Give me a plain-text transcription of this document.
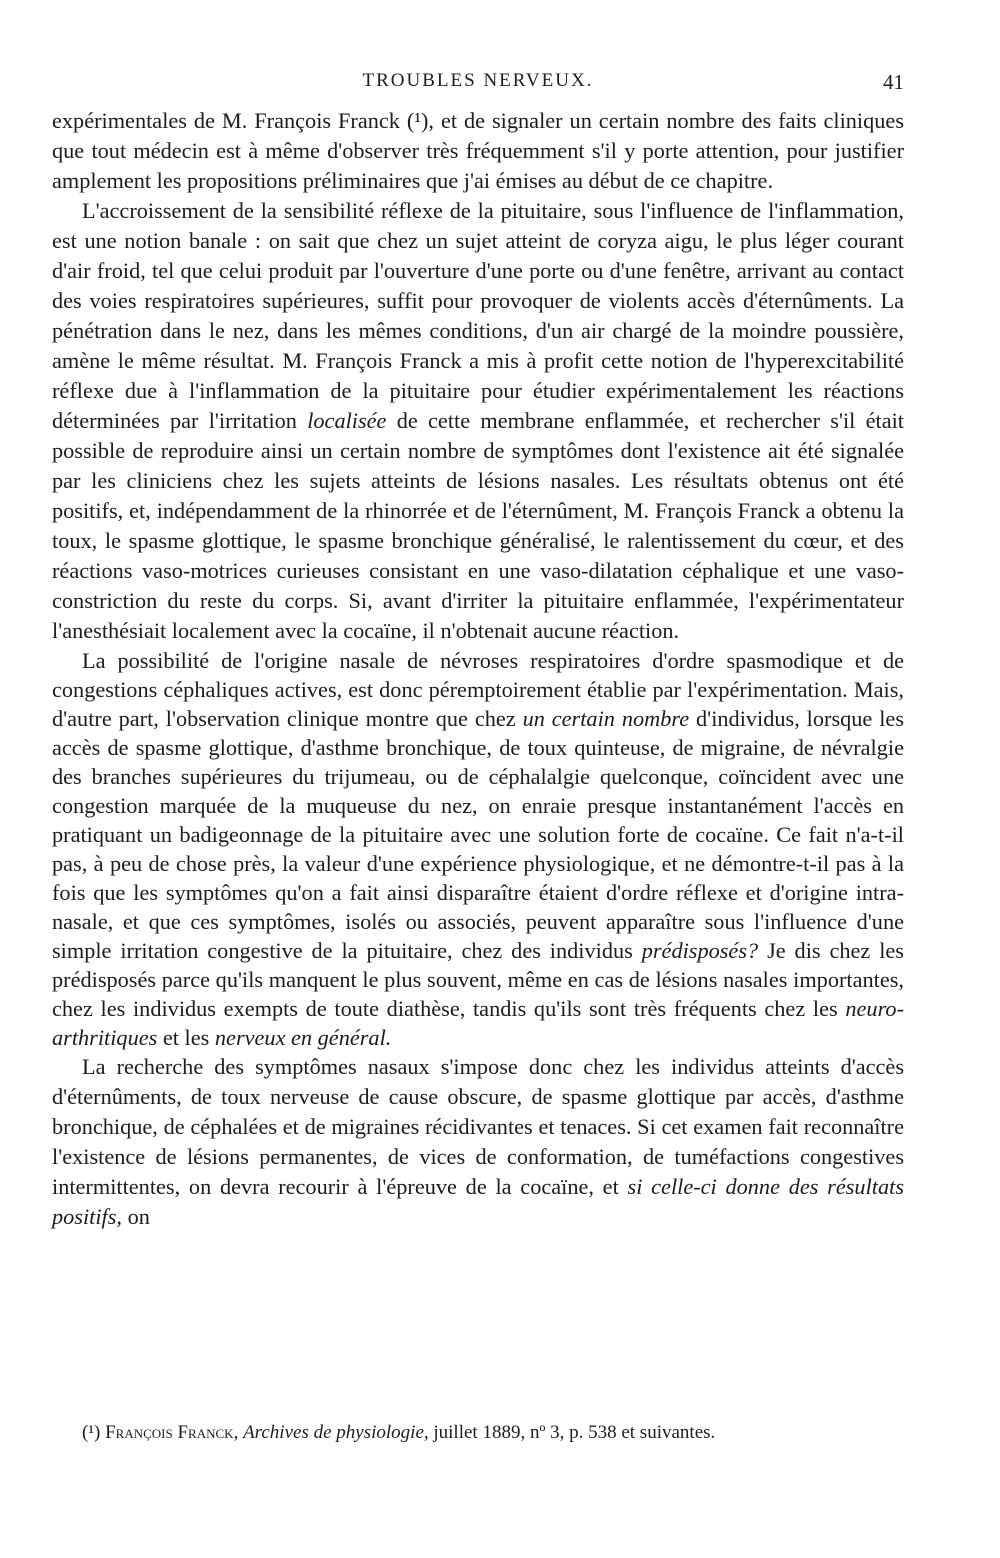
TROUBLES NERVEUX.	41

expérimentales de M. François Franck (¹), et de signaler un certain nombre des faits cliniques que tout médecin est à même d'observer très fréquemment s'il y porte attention, pour justifier amplement les propositions préliminaires que j'ai émises au début de ce chapitre.

L'accroissement de la sensibilité réflexe de la pituitaire, sous l'influence de l'inflammation, est une notion banale : on sait que chez un sujet atteint de coryza aigu, le plus léger courant d'air froid, tel que celui produit par l'ouverture d'une porte ou d'une fenêtre, arrivant au contact des voies respiratoires supérieures, suffit pour provoquer de violents accès d'éternûments. La pénétration dans le nez, dans les mêmes conditions, d'un air chargé de la moindre poussière, amène le même résultat. M. François Franck a mis à profit cette notion de l'hyperexcitabilité réflexe due à l'inflammation de la pituitaire pour étudier expérimentalement les réactions déterminées par l'irritation localisée de cette membrane enflammée, et rechercher s'il était possible de reproduire ainsi un certain nombre de symptômes dont l'existence ait été signalée par les cliniciens chez les sujets atteints de lésions nasales. Les résultats obtenus ont été positifs, et, indépendamment de la rhinorrée et de l'éternûment, M. François Franck a obtenu la toux, le spasme glottique, le spasme bronchique généralisé, le ralentissement du cœur, et des réactions vaso-motrices curieuses consistant en une vaso-dilatation céphalique et une vaso-constriction du reste du corps. Si, avant d'irriter la pituitaire enflammée, l'expérimentateur l'anesthésiait localement avec la cocaïne, il n'obtenait aucune réaction.

La possibilité de l'origine nasale de névroses respiratoires d'ordre spasmodique et de congestions céphaliques actives, est donc péremptoirement établie par l'expérimentation. Mais, d'autre part, l'observation clinique montre que chez un certain nombre d'individus, lorsque les accès de spasme glottique, d'asthme bronchique, de toux quinteuse, de migraine, de névralgie des branches supérieures du trijumeau, ou de céphalalgie quelconque, coïncident avec une congestion marquée de la muqueuse du nez, on enraie presque instantanément l'accès en pratiquant un badigeonnage de la pituitaire avec une solution forte de cocaïne. Ce fait n'a-t-il pas, à peu de chose près, la valeur d'une expérience physiologique, et ne démontre-t-il pas à la fois que les symptômes qu'on a fait ainsi disparaître étaient d'ordre réflexe et d'origine intra-nasale, et que ces symptômes, isolés ou associés, peuvent apparaître sous l'influence d'une simple irritation congestive de la pituitaire, chez des individus prédisposés? Je dis chez les prédisposés parce qu'ils manquent le plus souvent, même en cas de lésions nasales importantes, chez les individus exempts de toute diathèse, tandis qu'ils sont très fréquents chez les neuro-arthritiques et les nerveux en général.

La recherche des symptômes nasaux s'impose donc chez les individus atteints d'accès d'éternûments, de toux nerveuse de cause obscure, de spasme glottique par accès, d'asthme bronchique, de céphalées et de migraines récidivantes et tenaces. Si cet examen fait reconnaître l'existence de lésions permanentes, de vices de conformation, de tuméfactions congestives intermittentes, on devra recourir à l'épreuve de la cocaïne, et si celle-ci donne des résultats positifs, on

(¹) François Franck, Archives de physiologie, juillet 1889, nº 3, p. 538 et suivantes.
